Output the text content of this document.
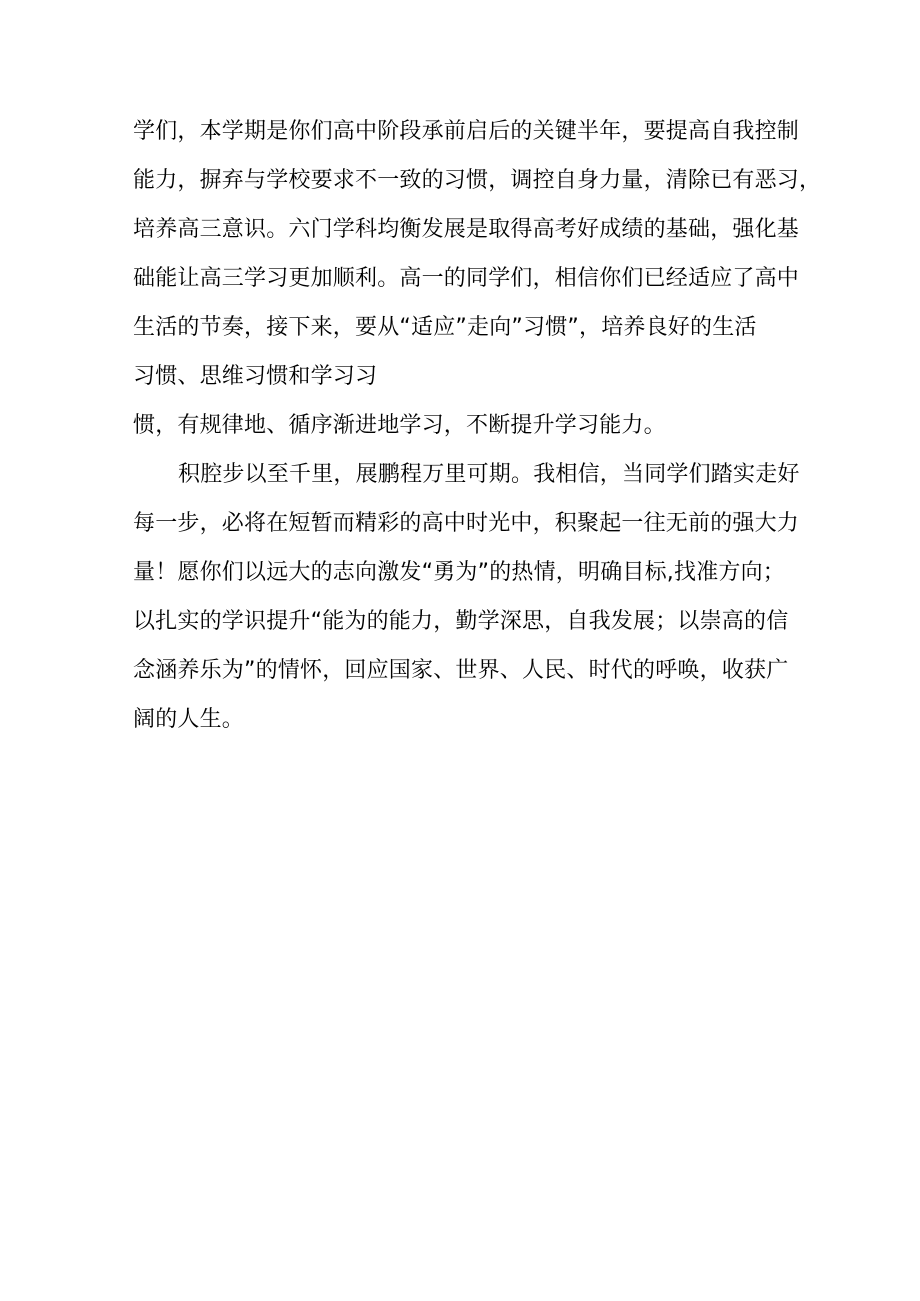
学们，本学期是你们高中阶段承前启后的关键半年，要提高自我控制
能力，摒弃与学校要求不一致的习惯，调控自身力量，清除已有恶习，
培养高三意识。六门学科均衡发展是取得高考好成绩的基础，强化基
础能让高三学习更加顺利。高一的同学们，相信你们已经适应了高中
生活的节奏，接下来，要从“适应”走向”习惯”，培养良好的生活
习惯、思维习惯和学习习
惯，有规律地、循序渐进地学习，不断提升学习能力。
积腔步以至千里，展鹏程万里可期。我相信，当同学们踏实走好
每一步，必将在短暂而精彩的高中时光中，积聚起一往无前的强大力
量！愿你们以远大的志向激发“勇为”的热情，明确目标,找准方向；
以扎实的学识提升“能为的能力，勤学深思，自我发展；以崇高的信
念涵养乐为”的情怀，回应国家、世界、人民、时代的呼唤，收获广
阔的人生。
